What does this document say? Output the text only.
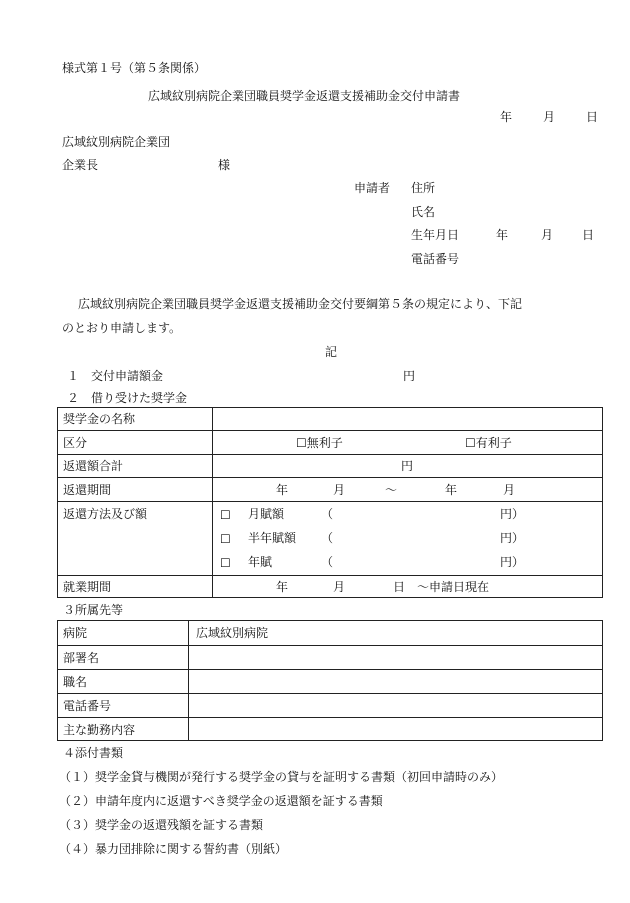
様式第１号（第５条関係）
広域紋別病院企業団職員奨学金返還支援補助金交付申請書
年	月	日
広域紋別病院企業団
企業長	様
申請者 住所
氏名
生年月日	年	月 日
電話番号
広域紋別病院企業団職員奨学金返還支援補助金交付要綱第５条の規定により、下記
のとおり申請します。
記
１　交付申請額金	円
２　借り受けた奨学金
奨学金の名称
区分	☐無利子	☐有利子
返還額合計	円
返還期間	年	月	～	年	月
返還方法及び額	☐ 月賦額	（	円）
☐ 半年賦額 （	円）
☐ 年賦	（	円）
就業期間	年	月	日 ～申請日現在
３所属先等
病院	広域紋別病院
部署名
職名
電話番号
主な勤務内容
４添付書類
（１）奨学金貸与機関が発行する奨学金の貸与を証明する書類（初回申請時のみ）
（２）申請年度内に返還すべき奨学金の返還額を証する書類
（３）奨学金の返還残額を証する書類
（４）暴力団排除に関する誓約書（別紙）
